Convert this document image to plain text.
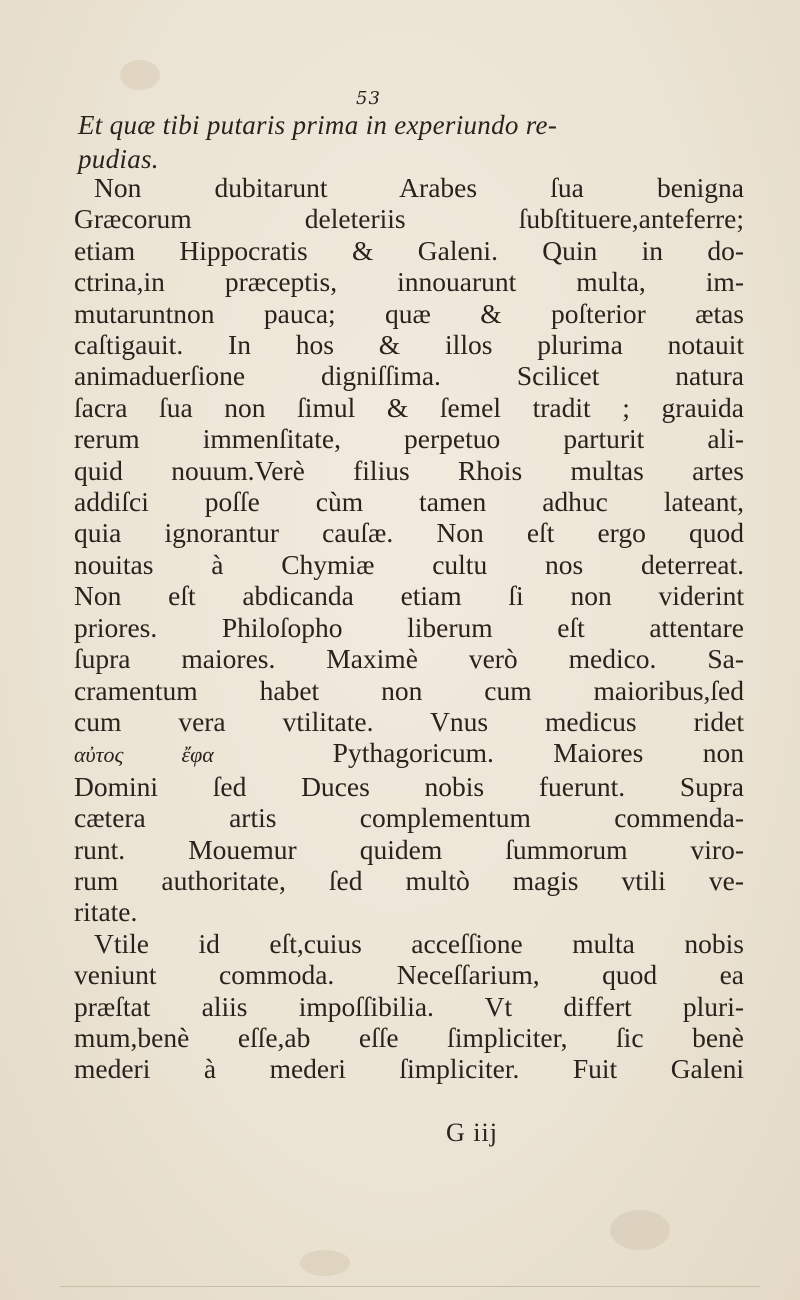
53
Et quæ tibi putaris prima in experiundo re-
pudias.
Non dubitarunt Arabes ſua benigna
Græcorum deleteriis ſubſtituere,anteferre;
etiam Hippocratis & Galeni. Quin in do-
ctrina,in præceptis, innouarunt multa, im-
mutaruntnon pauca; quæ & poſterior ætas
caſtigauit. In hos & illos plurima notauit
animaduerſione digniſſima. Scilicet natura
ſacra ſua non ſimul & ſemel tradit ; grauida
rerum immenſitate, perpetuo parturit ali-
quid nouum.Verè filius Rhois multas artes
addiſci poſſe cùm tamen adhuc lateant,
quia ignorantur cauſæ. Non eſt ergo quod
nouitas à Chymiæ cultu nos deterreat.
Non eſt abdicanda etiam ſi non viderint
priores. Philoſopho liberum eſt attentare
ſupra maiores. Maximè verò medico. Sa-
cramentum habet non cum maioribus,ſed
cum vera vtilitate. Vnus medicus ridet
αὐτος ἔφα	Pythagoricum. Maiores non
Domini ſed Duces nobis fuerunt. Supra
cætera artis complementum commenda-
runt. Mouemur quidem ſummorum viro-
rum authoritate, ſed multò magis vtili ve-
ritate.
Vtile id eſt,cuius acceſſione multa nobis
veniunt commoda. Neceſſarium, quod ea
præſtat aliis impoſſibilia. Vt differt pluri-
mum,benè eſſe,ab eſſe ſimpliciter, ſic benè
mederi à mederi ſimpliciter. Fuit Galeni
G iij
